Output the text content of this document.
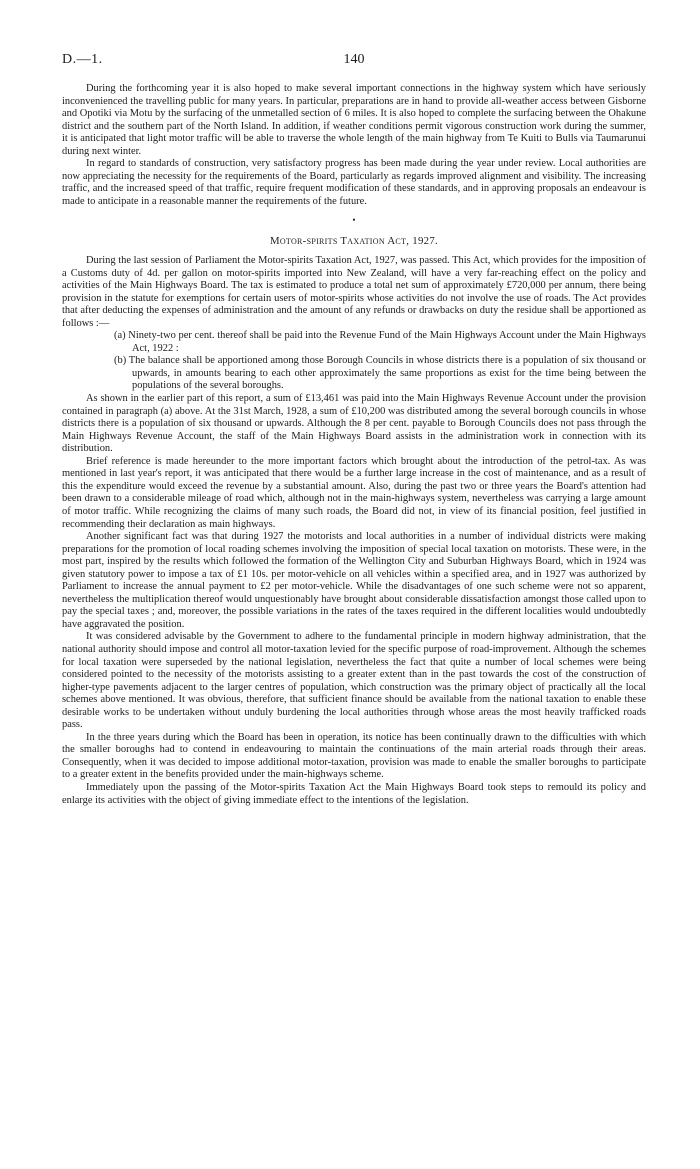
D.—1.	140

During the forthcoming year it is also hoped to make several important connections in the highway system which have seriously inconvenienced the travelling public for many years. In particular, preparations are in hand to provide all-weather access between Gisborne and Opotiki via Motu by the surfacing of the unmetalled section of 6 miles. It is also hoped to complete the surfacing between the Ohakune district and the southern part of the North Island. In addition, if weather conditions permit vigorous construction work during the summer, it is anticipated that light motor traffic will be able to traverse the whole length of the main highway from Te Kuiti to Bulls via Taumarunui during next winter.

In regard to standards of construction, very satisfactory progress has been made during the year under review. Local authorities are now appreciating the necessity for the requirements of the Board, particularly as regards improved alignment and visibility. The increasing traffic, and the increased speed of that traffic, require frequent modification of these standards, and in approving proposals an endeavour is made to anticipate in a reasonable manner the requirements of the future.

•
Motor-spirits Taxation Act, 1927.

During the last session of Parliament the Motor-spirits Taxation Act, 1927, was passed. This Act, which provides for the imposition of a Customs duty of 4d. per gallon on motor-spirits imported into New Zealand, will have a very far-reaching effect on the policy and activities of the Main Highways Board. The tax is estimated to produce a total net sum of approximately £720,000 per annum, there being provision in the statute for exemptions for certain users of motor-spirits whose activities do not involve the use of roads. The Act provides that after deducting the expenses of administration and the amount of any refunds or drawbacks on duty the residue shall be apportioned as follows :—

(a) Ninety-two per cent. thereof shall be paid into the Revenue Fund of the Main Highways Account under the Main Highways Act, 1922 :
(b) The balance shall be apportioned among those Borough Councils in whose districts there is a population of six thousand or upwards, in amounts bearing to each other approximately the same proportions as exist for the time being between the populations of the several boroughs.

As shown in the earlier part of this report, a sum of £13,461 was paid into the Main Highways Revenue Account under the provision contained in paragraph (a) above. At the 31st March, 1928, a sum of £10,200 was distributed among the several borough councils in whose districts there is a population of six thousand or upwards. Although the 8 per cent. payable to Borough Councils does not pass through the Main Highways Revenue Account, the staff of the Main Highways Board assists in the administration work in connection with its distribution.

Brief reference is made hereunder to the more important factors which brought about the introduction of the petrol-tax. As was mentioned in last year's report, it was anticipated that there would be a further large increase in the cost of maintenance, and as a result of this the expenditure would exceed the revenue by a substantial amount. Also, during the past two or three years the Board's attention had been drawn to a considerable mileage of road which, although not in the main-highways system, nevertheless was carrying a large amount of motor traffic. While recognizing the claims of many such roads, the Board did not, in view of its financial position, feel justified in recommending their declaration as main highways.

Another significant fact was that during 1927 the motorists and local authorities in a number of individual districts were making preparations for the promotion of local roading schemes involving the imposition of special local taxation on motorists. These were, in the most part, inspired by the results which followed the formation of the Wellington City and Suburban Highways Board, which in 1924 was given statutory power to impose a tax of £1 10s. per motor-vehicle on all vehicles within a specified area, and in 1927 was authorized by Parliament to increase the annual payment to £2 per motor-vehicle. While the disadvantages of one such scheme were not so apparent, nevertheless the multiplication thereof would unquestionably have brought about considerable dissatisfaction amongst those called upon to pay the special taxes ; and, moreover, the possible variations in the rates of the taxes required in the different localities would undoubtedly have aggravated the position.

It was considered advisable by the Government to adhere to the fundamental principle in modern highway administration, that the national authority should impose and control all motor-taxation levied for the specific purpose of road-improvement. Although the schemes for local taxation were superseded by the national legislation, nevertheless the fact that quite a number of local schemes were being considered pointed to the necessity of the motorists assisting to a greater extent than in the past towards the cost of the construction of higher-type pavements adjacent to the larger centres of population, which construction was the primary object of practically all the local schemes above mentioned. It was obvious, therefore, that sufficient finance should be available from the national taxation to enable these desirable works to be undertaken without unduly burdening the local authorities through whose areas the most heavily trafficked roads pass.

In the three years during which the Board has been in operation, its notice has been continually drawn to the difficulties with which the smaller boroughs had to contend in endeavouring to maintain the continuations of the main arterial roads through their areas. Consequently, when it was decided to impose additional motor-taxation, provision was made to enable the smaller boroughs to participate to a greater extent in the benefits provided under the main-highways scheme.

Immediately upon the passing of the Motor-spirits Taxation Act the Main Highways Board took steps to remould its policy and enlarge its activities with the object of giving immediate effect to the intentions of the legislation.
